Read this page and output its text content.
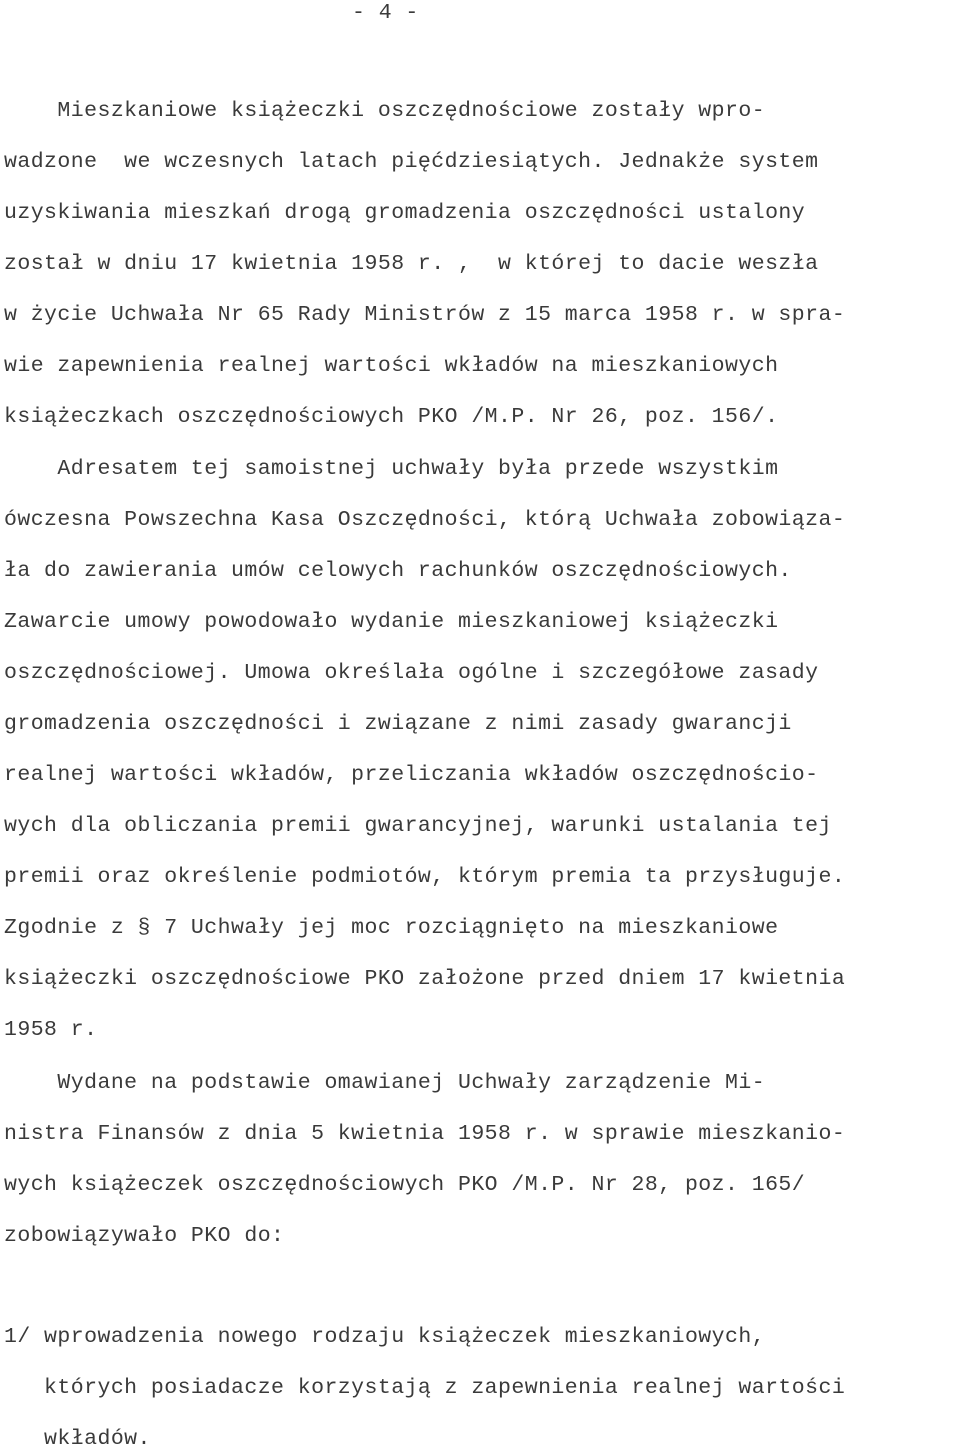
- 4 -
Mieszkaniowe książeczki oszczędnościowe zostały wpro-
wadzone  we wczesnych latach pięćdziesiątych. Jednakże system
uzyskiwania mieszkań drogą gromadzenia oszczędności ustalony
został w dniu 17 kwietnia 1958 r. ,  w której to dacie weszła
w życie Uchwała Nr 65 Rady Ministrów z 15 marca 1958 r. w spra-
wie zapewnienia realnej wartości wkładów na mieszkaniowych
książeczkach oszczędnościowych PKO /M.P. Nr 26, poz. 156/.
Adresatem tej samoistnej uchwały była przede wszystkim
ówczesna Powszechna Kasa Oszczędności, którą Uchwała zobowiąza-
ła do zawierania umów celowych rachunków oszczędnościowych.
Zawarcie umowy powodowało wydanie mieszkaniowej książeczki
oszczędnościowej. Umowa określała ogólne i szczegółowe zasady
gromadzenia oszczędności i związane z nimi zasady gwarancji
realnej wartości wkładów, przeliczania wkładów oszczędnościo-
wych dla obliczania premii gwarancyjnej, warunki ustalania tej
premii oraz określenie podmiotów, którym premia ta przysługuje.
Zgodnie z § 7 Uchwały jej moc rozciągnięto na mieszkaniowe
książeczki oszczędnościowe PKO założone przed dniem 17 kwietnia
1958 r.
Wydane na podstawie omawianej Uchwały zarządzenie Mi-
nistra Finansów z dnia 5 kwietnia 1958 r. w sprawie mieszkanio-
wych książeczek oszczędnościowych PKO /M.P. Nr 28, poz. 165/
zobowiązywało PKO do:
1/ wprowadzenia nowego rodzaju książeczek mieszkaniowych,
których posiadacze korzystają z zapewnienia realnej wartości
wkładów.
